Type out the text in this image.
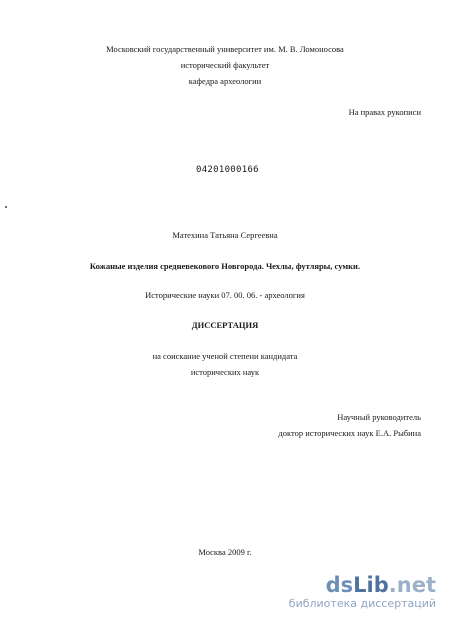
Московский государственный университет им. М. В. Ломоносова
исторический факультет
кафедра археологии
На правах рукописи
04201000166
Матехина Татьяна Сергеевна
Кожаные изделия средневекового Новгорода. Чехлы, футляры, сумки.
Исторические науки 07. 00. 06. - археология
ДИССЕРТАЦИЯ
на соискание ученой степени кандидата
исторических наук
Научный руководитель
доктор исторических наук Е.А. Рыбина
Москва 2009 г.
dsLib.net
библиотека диссертаций
